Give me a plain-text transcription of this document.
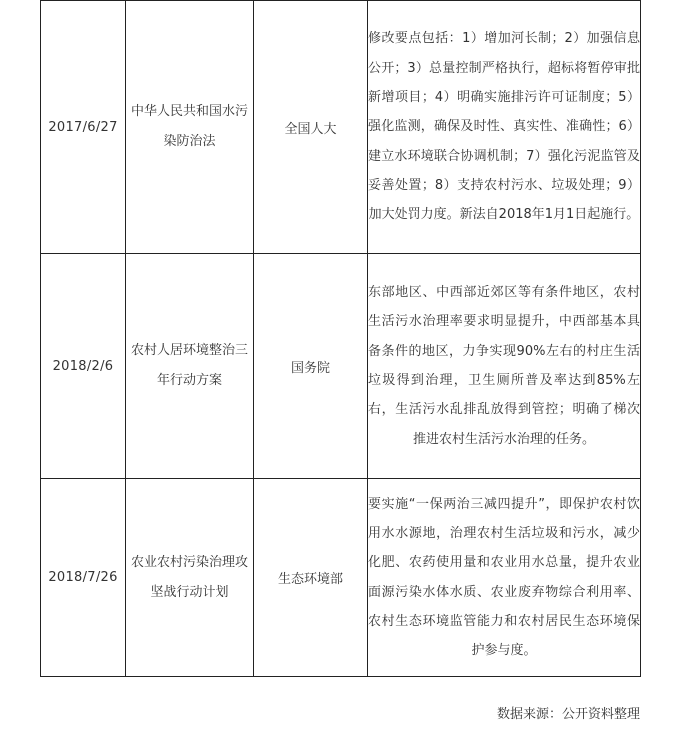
2017/6/27	中华人民共和国水污染防治法	全国人大	修改要点包括：1）增加河长制；2）加强信息公开；3）总量控制严格执行，超标将暂停审批新增项目；4）明确实施排污许可证制度；5）强化监测，确保及时性、真实性、准确性；6）建立水环境联合协调机制；7）强化污泥监管及妥善处置；8）支持农村污水、垃圾处理；9）加大处罚力度。新法自2018年1月1日起施行。
2018/2/6	农村人居环境整治三年行动方案	国务院	东部地区、中西部近郊区等有条件地区，农村生活污水治理率要求明显提升，中西部基本具备条件的地区，力争实现90%左右的村庄生活垃圾得到治理，卫生厕所普及率达到85%左右，生活污水乱排乱放得到管控；明确了梯次推进农村生活污水治理的任务。
2018/7/26	农业农村污染治理攻坚战行动计划	生态环境部	要实施“一保两治三减四提升”，即保护农村饮用水水源地，治理农村生活垃圾和污水，减少化肥、农药使用量和农业用水总量，提升农业面源污染水体水质、农业废弃物综合利用率、农村生态环境监管能力和农村居民生态环境保护参与度。
数据来源：公开资料整理
